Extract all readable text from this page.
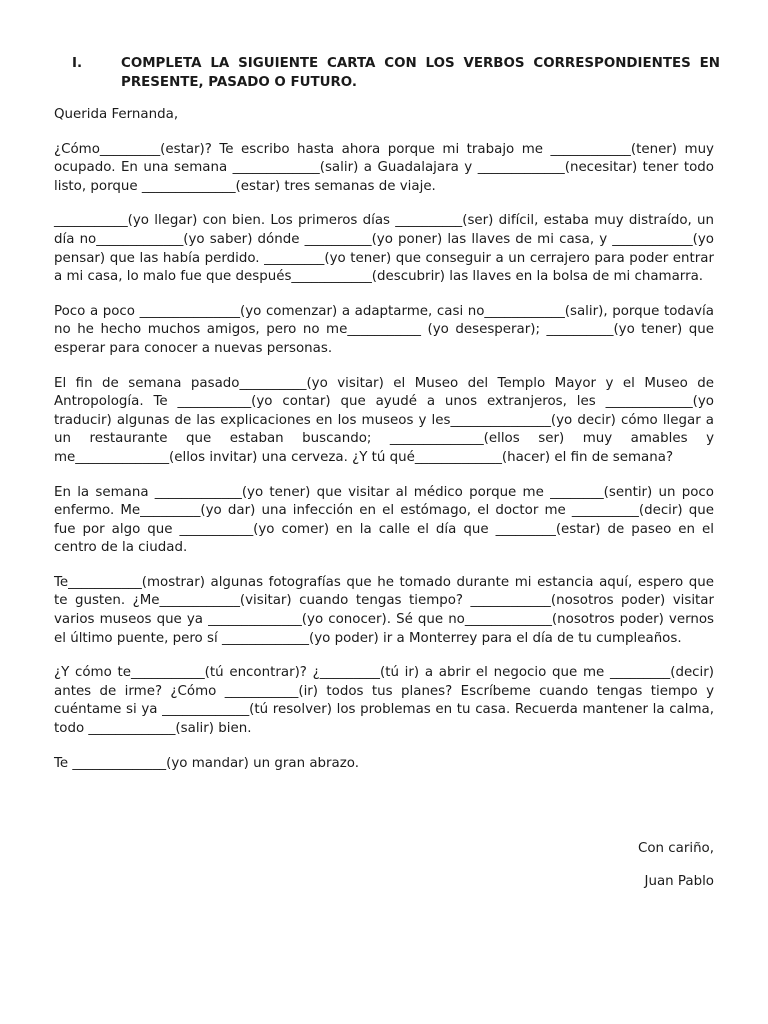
I.	COMPLETA LA SIGUIENTE CARTA CON LOS VERBOS CORRESPONDIENTES EN PRESENTE, PASADO O FUTURO.

Querida Fernanda,

¿Cómo_________(estar)? Te escribo hasta ahora porque mi trabajo me ____________(tener) muy ocupado. En una semana _____________(salir) a Guadalajara y _____________(necesitar) tener todo listo, porque ______________(estar) tres semanas de viaje.

___________(yo llegar) con bien. Los primeros días __________(ser) difícil, estaba muy distraído, un día no_____________(yo saber) dónde __________(yo poner) las llaves de mi casa, y ____________(yo pensar) que las había perdido. _________(yo tener) que conseguir a un cerrajero para poder entrar a mi casa, lo malo fue que después____________(descubrir) las llaves en la bolsa de mi chamarra.

Poco a poco _______________(yo comenzar) a adaptarme, casi no____________(salir), porque todavía no he hecho muchos amigos, pero no me___________ (yo desesperar); __________(yo tener) que esperar para conocer a nuevas personas.

El fin de semana pasado__________(yo visitar) el Museo del Templo Mayor y el Museo de Antropología. Te ___________(yo contar) que ayudé a unos extranjeros, les _____________(yo traducir) algunas de las explicaciones en los museos y les_______________(yo decir) cómo llegar a un restaurante que estaban buscando; ______________(ellos ser) muy amables y me______________(ellos invitar) una cerveza. ¿Y tú qué_____________(hacer) el fin de semana?

En la semana _____________(yo tener) que visitar al médico porque me ________(sentir) un poco enfermo. Me_________(yo dar) una infección en el estómago, el doctor me __________(decir) que fue por algo que ___________(yo comer) en la calle el día que _________(estar) de paseo en el centro de la ciudad.

Te___________(mostrar) algunas fotografías que he tomado durante mi estancia aquí, espero que te gusten. ¿Me____________(visitar) cuando tengas tiempo? ____________(nosotros poder) visitar varios museos que ya ______________(yo conocer). Sé que no_____________(nosotros poder) vernos el último puente, pero sí _____________(yo poder) ir a Monterrey para el día de tu cumpleaños.

¿Y cómo te___________(tú encontrar)? ¿_________(tú ir) a abrir el negocio que me _________(decir) antes de irme? ¿Cómo ___________(ir) todos tus planes? Escríbeme cuando tengas tiempo y cuéntame si ya _____________(tú resolver) los problemas en tu casa. Recuerda mantener la calma, todo _____________(salir) bien.

Te ______________(yo mandar) un gran abrazo.

Con cariño,

Juan Pablo
